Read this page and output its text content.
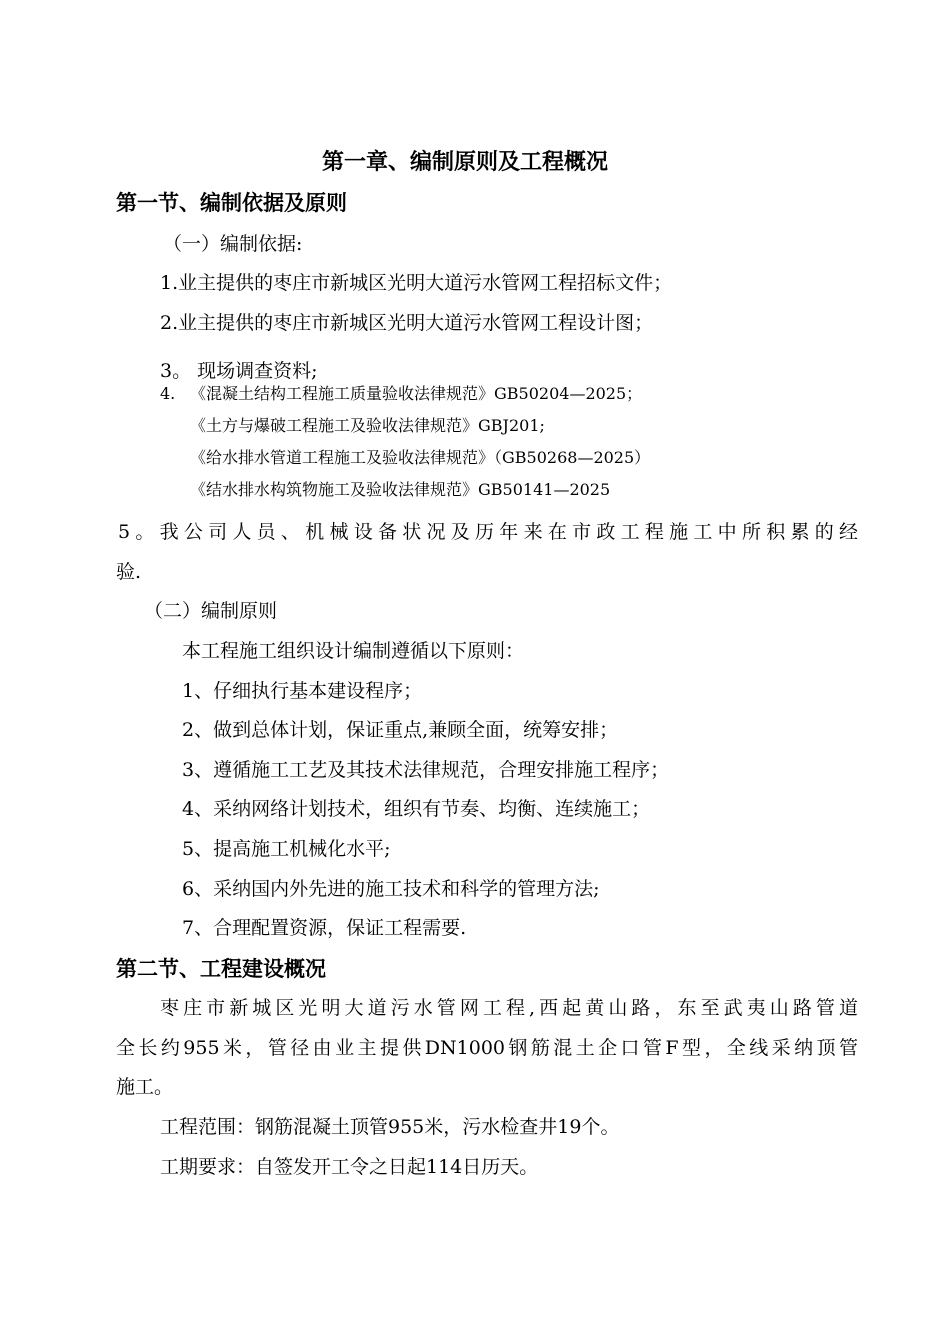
第一章、编制原则及工程概况
第一节、编制依据及原则
（一）编制依据:
1.业主提供的枣庄市新城区光明大道污水管网工程招标文件；
2.业主提供的枣庄市新城区光明大道污水管网工程设计图；
3。 现场调查资料;
4. 《混凝土结构工程施工质量验收法律规范》GB50204—2025；
《土方与爆破工程施工及验收法律规范》GBJ201;
《给水排水管道工程施工及验收法律规范》（GB50268—2025）
《结水排水构筑物施工及验收法律规范》GB50141—2025
5。我公司人员、机械设备状况及历年来在市政工程施工中所积累的经
验.
（二）编制原则
本工程施工组织设计编制遵循以下原则：
1、仔细执行基本建设程序；
2、做到总体计划，保证重点,兼顾全面，统筹安排；
3、遵循施工工艺及其技术法律规范，合理安排施工程序；
4、采纳网络计划技术，组织有节奏、均衡、连续施工；
5、提高施工机械化水平;
6、采纳国内外先进的施工技术和科学的管理方法;
7、合理配置资源，保证工程需要.
第二节、工程建设概况
枣庄市新城区光明大道污水管网工程,西起黄山路，东至武夷山路管道
全长约955米，管径由业主提供DN1000钢筋混土企口管F型，全线采纳顶管
施工。
工程范围：钢筋混凝土顶管955米，污水检查井19个。
工期要求：自签发开工令之日起114日历天。
